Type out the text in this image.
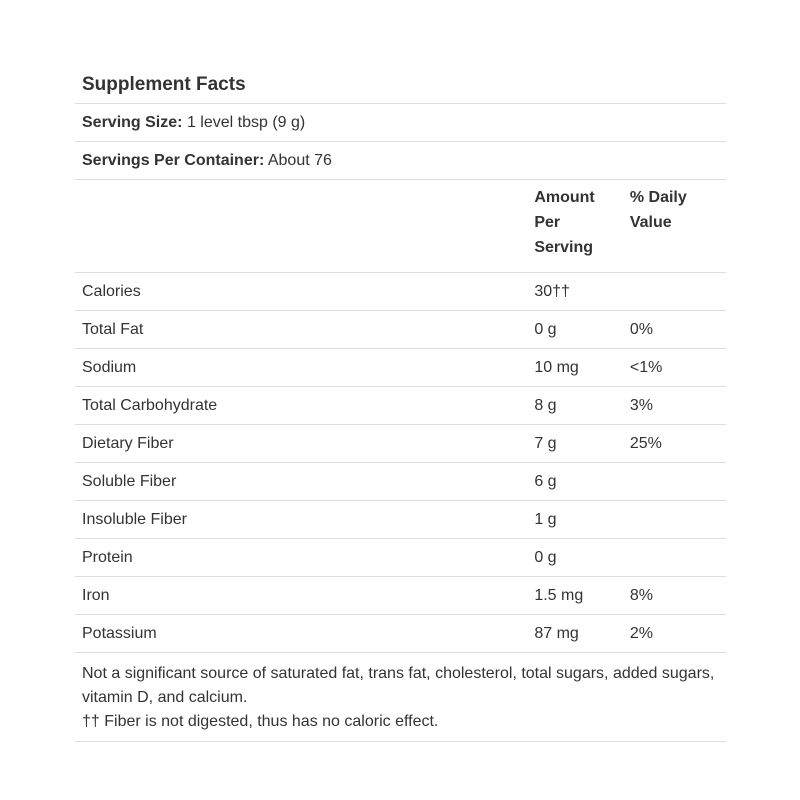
Supplement Facts		
Serving Size: 1 level tbsp (9 g)		
Servings Per Container: About 76		
	Amount Per Serving	% Daily Value
Calories	30††	
Total Fat	0 g	0%
Sodium	10 mg	<1%
Total Carbohydrate	8 g	3%
Dietary Fiber	7 g	25%
Soluble Fiber	6 g	
Insoluble Fiber	1 g	
Protein	0 g	
Iron	1.5 mg	8%
Potassium	87 mg	2%

Not a significant source of saturated fat, trans fat, cholesterol, total sugars, added sugars, vitamin D, and calcium.
†† Fiber is not digested, thus has no caloric effect.		
